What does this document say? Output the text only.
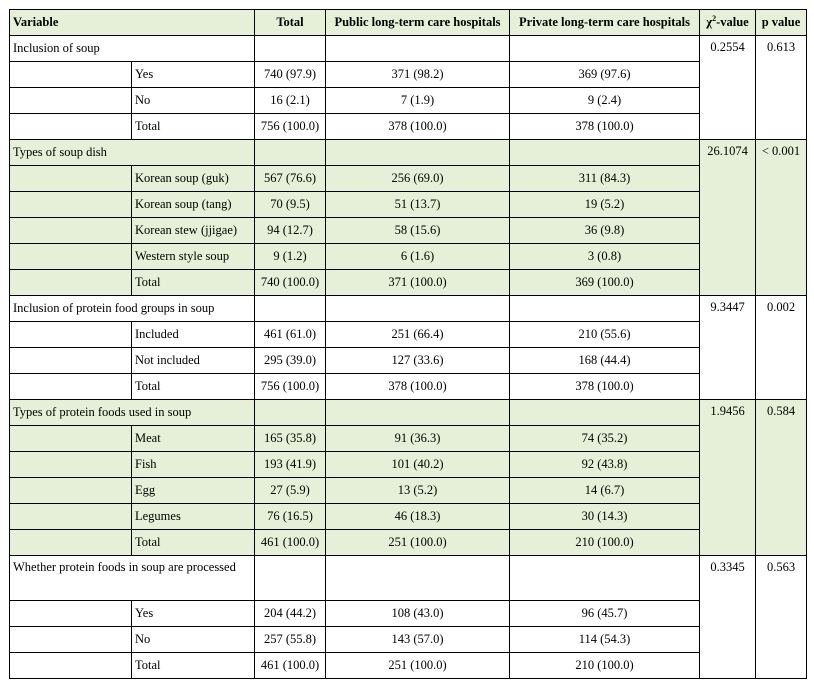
Variable		Total	Public long-term care hospitals	Private long-term care hospitals	$\chi^2$-value	p value
Inclusion of soup					0.2554	0.613
	Yes	740 (97.9)	371 (98.2)	369 (97.6)		
	No	16 (2.1)	7 (1.9)	9 (2.4)		
	Total	756 (100.0)	378 (100.0)	378 (100.0)		
Types of soup dish					26.1074	< 0.001
	Korean soup (guk)	567 (76.6)	256 (69.0)	311 (84.3)		
	Korean soup (tang)	70 (9.5)	51 (13.7)	19 (5.2)		
	Korean stew (jjigae)	94 (12.7)	58 (15.6)	36 (9.8)		
	Western style soup	9 (1.2)	6 (1.6)	3 (0.8)		
	Total	740 (100.0)	371 (100.0)	369 (100.0)		
Inclusion of protein food groups in soup					9.3447	0.002
	Included	461 (61.0)	251 (66.4)	210 (55.6)		
	Not included	295 (39.0)	127 (33.6)	168 (44.4)		
	Total	756 (100.0)	378 (100.0)	378 (100.0)		
Types of protein foods used in soup					1.9456	0.584
	Meat	165 (35.8)	91 (36.3)	74 (35.2)		
	Fish	193 (41.9)	101 (40.2)	92 (43.8)		
	Egg	27 (5.9)	13 (5.2)	14 (6.7)		
	Legumes	76 (16.5)	46 (18.3)	30 (14.3)		
	Total	461 (100.0)	251 (100.0)	210 (100.0)		
Whether protein foods in soup are processed					0.3345	0.563
	Yes	204 (44.2)	108 (43.0)	96 (45.7)		
	No	257 (55.8)	143 (57.0)	114 (54.3)		
	Total	461 (100.0)	251 (100.0)	210 (100.0)		
